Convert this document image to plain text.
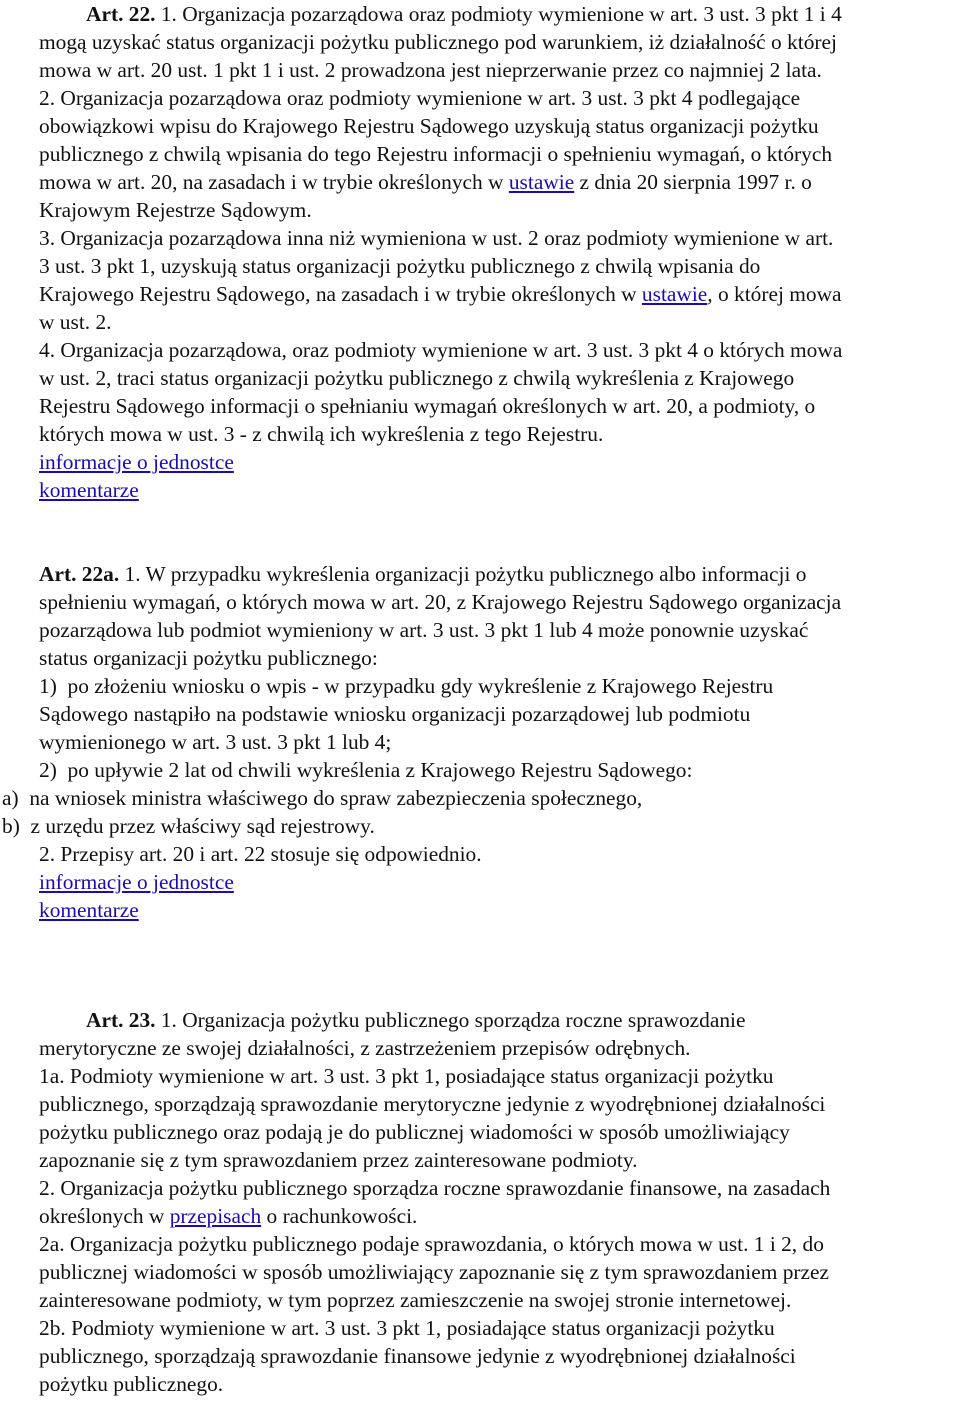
Art. 22. 1. Organizacja pozarządowa oraz podmioty wymienione w art. 3 ust. 3 pkt 1 i 4
mogą uzyskać status organizacji pożytku publicznego pod warunkiem, iż działalność o której
mowa w art. 20 ust. 1 pkt 1 i ust. 2 prowadzona jest nieprzerwanie przez co najmniej 2 lata.
2. Organizacja pozarządowa oraz podmioty wymienione w art. 3 ust. 3 pkt 4 podlegające
obowiązkowi wpisu do Krajowego Rejestru Sądowego uzyskują status organizacji pożytku
publicznego z chwilą wpisania do tego Rejestru informacji o spełnieniu wymagań, o których
mowa w art. 20, na zasadach i w trybie określonych w ustawie z dnia 20 sierpnia 1997 r. o
Krajowym Rejestrze Sądowym.
3. Organizacja pozarządowa inna niż wymieniona w ust. 2 oraz podmioty wymienione w art.
3 ust. 3 pkt 1, uzyskują status organizacji pożytku publicznego z chwilą wpisania do
Krajowego Rejestru Sądowego, na zasadach i w trybie określonych w ustawie, o której mowa
w ust. 2.
4. Organizacja pozarządowa, oraz podmioty wymienione w art. 3 ust. 3 pkt 4 o których mowa
w ust. 2, traci status organizacji pożytku publicznego z chwilą wykreślenia z Krajowego
Rejestru Sądowego informacji o spełnianiu wymagań określonych w art. 20, a podmioty, o
których mowa w ust. 3 - z chwilą ich wykreślenia z tego Rejestru.
informacje o jednostce
komentarze
Art. 22a. 1. W przypadku wykreślenia organizacji pożytku publicznego albo informacji o
spełnieniu wymagań, o których mowa w art. 20, z Krajowego Rejestru Sądowego organizacja
pozarządowa lub podmiot wymieniony w art. 3 ust. 3 pkt 1 lub 4 może ponownie uzyskać
status organizacji pożytku publicznego:
1)  po złożeniu wniosku o wpis - w przypadku gdy wykreślenie z Krajowego Rejestru
Sądowego nastąpiło na podstawie wniosku organizacji pozarządowej lub podmiotu
wymienionego w art. 3 ust. 3 pkt 1 lub 4;
2)  po upływie 2 lat od chwili wykreślenia z Krajowego Rejestru Sądowego:
a)  na wniosek ministra właściwego do spraw zabezpieczenia społecznego,
b)  z urzędu przez właściwy sąd rejestrowy.
2. Przepisy art. 20 i art. 22 stosuje się odpowiednio.
informacje o jednostce
komentarze
Art. 23. 1. Organizacja pożytku publicznego sporządza roczne sprawozdanie
merytoryczne ze swojej działalności, z zastrzeżeniem przepisów odrębnych.
1a. Podmioty wymienione w art. 3 ust. 3 pkt 1, posiadające status organizacji pożytku
publicznego, sporządzają sprawozdanie merytoryczne jedynie z wyodrębnionej działalności
pożytku publicznego oraz podają je do publicznej wiadomości w sposób umożliwiający
zapoznanie się z tym sprawozdaniem przez zainteresowane podmioty.
2. Organizacja pożytku publicznego sporządza roczne sprawozdanie finansowe, na zasadach
określonych w przepisach o rachunkowości.
2a. Organizacja pożytku publicznego podaje sprawozdania, o których mowa w ust. 1 i 2, do
publicznej wiadomości w sposób umożliwiający zapoznanie się z tym sprawozdaniem przez
zainteresowane podmioty, w tym poprzez zamieszczenie na swojej stronie internetowej.
2b. Podmioty wymienione w art. 3 ust. 3 pkt 1, posiadające status organizacji pożytku
publicznego, sporządzają sprawozdanie finansowe jedynie z wyodrębnionej działalności
pożytku publicznego.
